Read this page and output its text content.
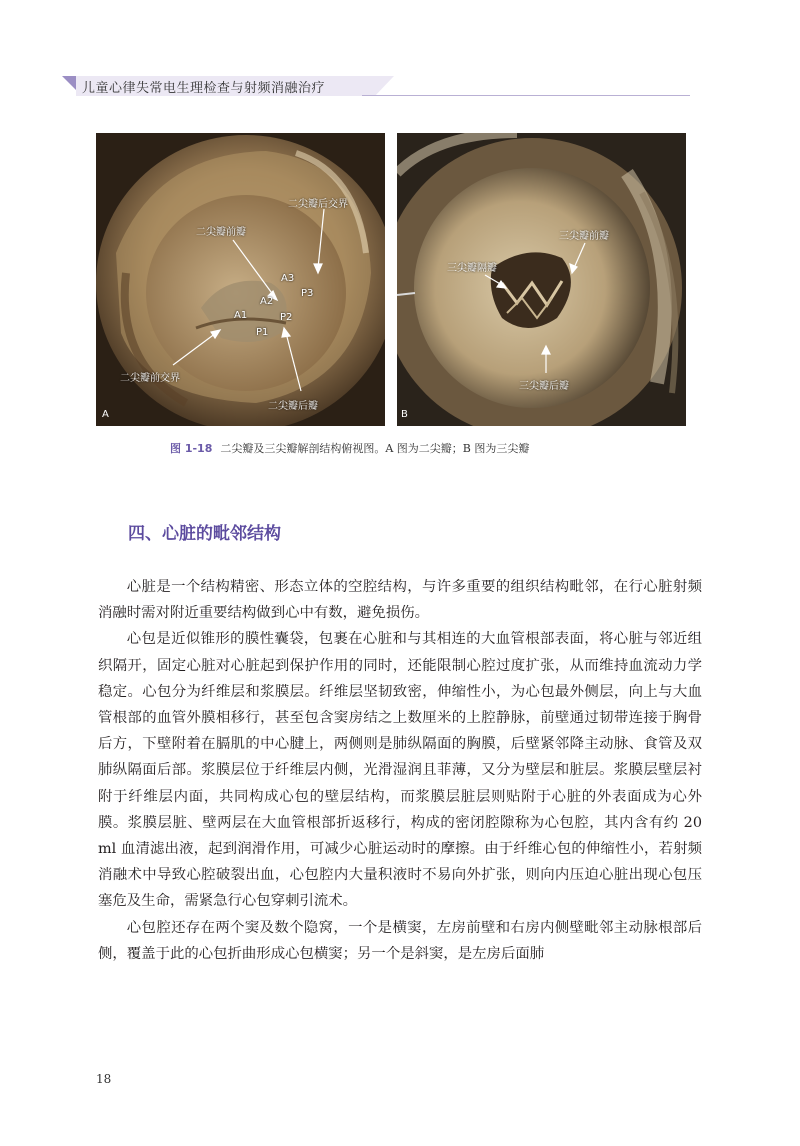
儿童心律失常电生理检查与射频消融治疗
二尖瓣后交界
二尖瓣前瓣
A3
P3
A2
A1	P2
P1
二尖瓣前交界
二尖瓣后瓣
A
三尖瓣隔瓣
三尖瓣前瓣
三尖瓣后瓣
B
图 1-18 二尖瓣及三尖瓣解剖结构俯视图。A 图为二尖瓣；B 图为三尖瓣
四、心脏的毗邻结构

心脏是一个结构精密、形态立体的空腔结构，与许多重要的组织结构毗邻，在行心脏射频消融时需对附近重要结构做到心中有数，避免损伤。

心包是近似锥形的膜性囊袋，包裹在心脏和与其相连的大血管根部表面，将心脏与邻近组织隔开，固定心脏对心脏起到保护作用的同时，还能限制心腔过度扩张，从而维持血流动力学稳定。心包分为纤维层和浆膜层。纤维层坚韧致密，伸缩性小，为心包最外侧层，向上与大血管根部的血管外膜相移行，甚至包含窦房结之上数厘米的上腔静脉，前壁通过韧带连接于胸骨后方，下壁附着在膈肌的中心腱上，两侧则是肺纵隔面的胸膜，后壁紧邻降主动脉、食管及双肺纵隔面后部。浆膜层位于纤维层内侧，光滑湿润且菲薄，又分为壁层和脏层。浆膜层壁层衬附于纤维层内面，共同构成心包的壁层结构，而浆膜层脏层则贴附于心脏的外表面成为心外膜。浆膜层脏、壁两层在大血管根部折返移行，构成的密闭腔隙称为心包腔，其内含有约 20 ml 血清滤出液，起到润滑作用，可减少心脏运动时的摩擦。由于纤维心包的伸缩性小，若射频消融术中导致心腔破裂出血，心包腔内大量积液时不易向外扩张，则向内压迫心脏出现心包压塞危及生命，需紧急行心包穿刺引流术。

心包腔还存在两个窦及数个隐窝，一个是横窦，左房前壁和右房内侧壁毗邻主动脉根部后侧，覆盖于此的心包折曲形成心包横窦；另一个是斜窦，是左房后面肺

18
